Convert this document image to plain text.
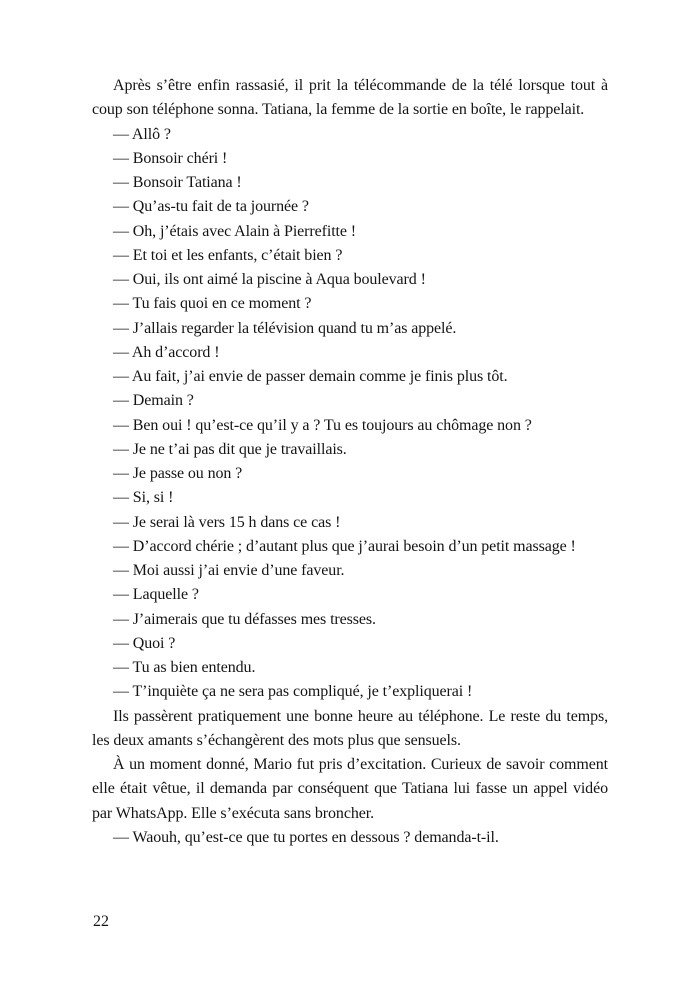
Après s’être enfin rassasié, il prit la télécommande de la télé lorsque tout à coup son téléphone sonna. Tatiana, la femme de la sortie en boîte, le rappelait.

— Allô ?

— Bonsoir chéri !

— Bonsoir Tatiana !

— Qu’as-tu fait de ta journée ?

— Oh, j’étais avec Alain à Pierrefitte !

— Et toi et les enfants, c’était bien ?

— Oui, ils ont aimé la piscine à Aqua boulevard !

— Tu fais quoi en ce moment ?

— J’allais regarder la télévision quand tu m’as appelé.

— Ah d’accord !

— Au fait, j’ai envie de passer demain comme je finis plus tôt.

— Demain ?

— Ben oui ! qu’est-ce qu’il y a ? Tu es toujours au chômage non ?

— Je ne t’ai pas dit que je travaillais.

— Je passe ou non ?

— Si, si !

— Je serai là vers 15 h dans ce cas !

— D’accord chérie ; d’autant plus que j’aurai besoin d’un petit massage !

— Moi aussi j’ai envie d’une faveur.

— Laquelle ?

— J’aimerais que tu défasses mes tresses.

— Quoi ?

— Tu as bien entendu.

— T’inquiète ça ne sera pas compliqué, je t’expliquerai !

Ils passèrent pratiquement une bonne heure au téléphone. Le reste du temps, les deux amants s’échangèrent des mots plus que sensuels.

À un moment donné, Mario fut pris d’excitation. Curieux de savoir comment elle était vêtue, il demanda par conséquent que Tatiana lui fasse un appel vidéo par WhatsApp. Elle s’exécuta sans broncher.

— Waouh, qu’est-ce que tu portes en dessous ? demanda-t-il.

22
